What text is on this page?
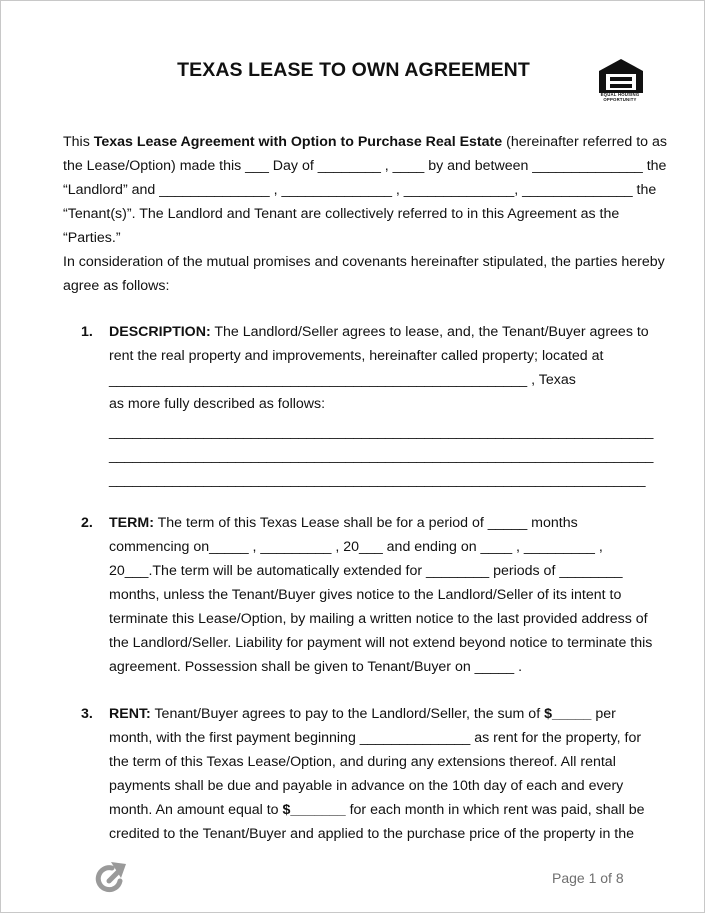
TEXAS LEASE TO OWN AGREEMENT
EQUAL HOUSING
OPPORTUNITY
This Texas Lease Agreement with Option to Purchase Real Estate (hereinafter referred to as
the Lease/Option) made this ___ Day of ________ , ____ by and between ______________ the
“Landlord” and ______________ , ______________ , ______________, ______________ the
“Tenant(s)”. The Landlord and Tenant are collectively referred to in this Agreement as the
“Parties.”
In consideration of the mutual promises and covenants hereinafter stipulated, the parties hereby
agree as follows:
1. DESCRIPTION: The Landlord/Seller agrees to lease, and, the Tenant/Buyer agrees to
rent the real property and improvements, hereinafter called property; located at
_____________________________________________________ , Texas
as more fully described as follows:
_____________________________________________________________________
_____________________________________________________________________
____________________________________________________________________
2. TERM: The term of this Texas Lease shall be for a period of _____ months
commencing on_____ , _________ , 20___ and ending on ____ , _________ ,
20___.The term will be automatically extended for ________ periods of ________
months, unless the Tenant/Buyer gives notice to the Landlord/Seller of its intent to
terminate this Lease/Option, by mailing a written notice to the last provided address of
the Landlord/Seller. Liability for payment will not extend beyond notice to terminate this
agreement. Possession shall be given to Tenant/Buyer on _____ .
3. RENT: Tenant/Buyer agrees to pay to the Landlord/Seller, the sum of $_____ per
month, with the first payment beginning ______________ as rent for the property, for
the term of this Texas Lease/Option, and during any extensions thereof. All rental
payments shall be due and payable in advance on the 10th day of each and every
month. An amount equal to $_______ for each month in which rent was paid, shall be
credited to the Tenant/Buyer and applied to the purchase price of the property in the
Page 1 of 8
